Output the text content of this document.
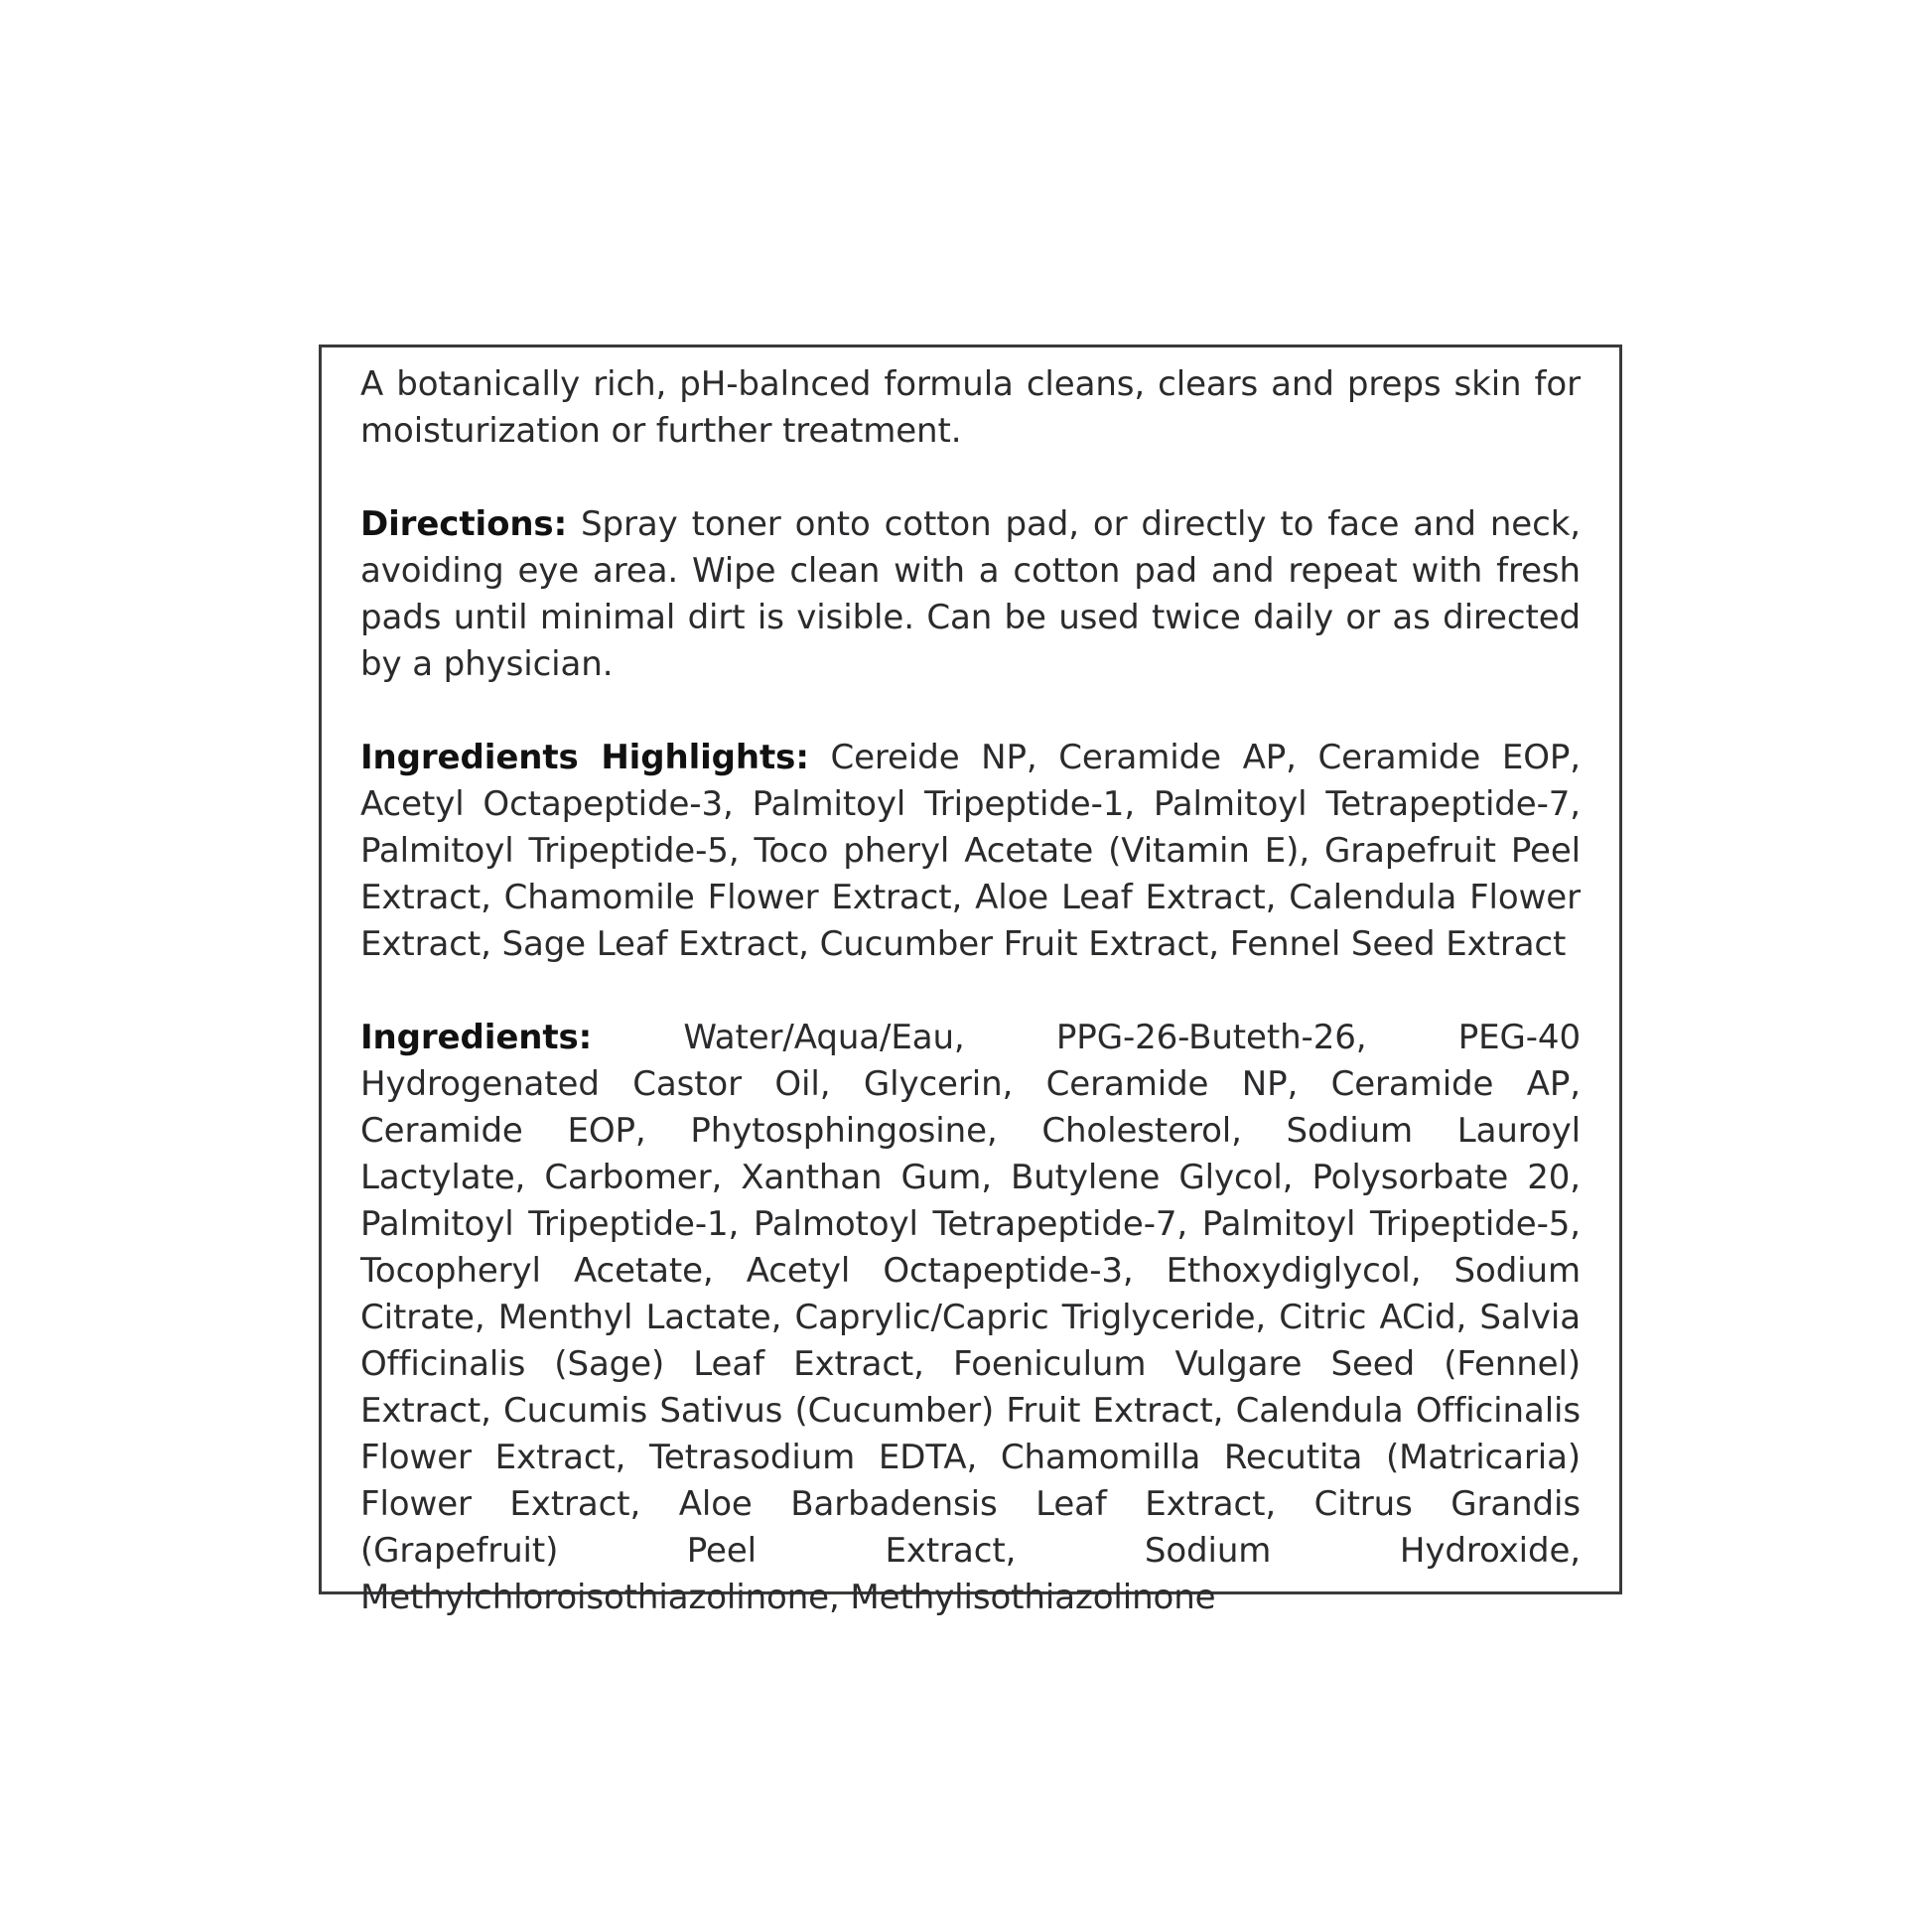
A botanically rich, pH-balnced formula cleans, clears and preps skin for moisturization or further treatment.

Directions: Spray toner onto cotton pad, or directly to face and neck, avoiding eye area. Wipe clean with a cotton pad and repeat with fresh pads until minimal dirt is visible. Can be used twice daily or as directed by a physician.

Ingredients Highlights: Cereide NP, Ceramide AP, Ceramide EOP, Acetyl Octapeptide-3, Palmitoyl Tripeptide-1, Palmitoyl Tetrapeptide-7, Palmitoyl Tripeptide-5, Toco pheryl Acetate (Vitamin E), Grapefruit Peel Extract, Chamomile Flower Extract, Aloe Leaf Extract, Calendula Flower Extract, Sage Leaf Extract, Cucumber Fruit Extract, Fennel Seed Extract

Ingredients: Water/Aqua/Eau, PPG-26-Buteth-26, PEG-40 Hydrogenated Castor Oil, Glycerin, Ceramide NP, Ceramide AP, Ceramide EOP, Phytosphingosine, Cholesterol, Sodium Lauroyl Lactylate, Carbomer, Xanthan Gum, Butylene Glycol, Polysorbate 20, Palmitoyl Tripeptide-1, Palmotoyl Tetrapeptide-7, Palmitoyl Tripeptide-5, Tocopheryl Acetate, Acetyl Octapeptide-3, Ethoxydiglycol, Sodium Citrate, Menthyl Lactate, Caprylic/Capric Triglyceride, Citric ACid, Salvia Officinalis (Sage) Leaf Extract, Foeniculum Vulgare Seed (Fennel) Extract, Cucumis Sativus (Cucumber) Fruit Extract, Calendula Officinalis Flower Extract, Tetrasodium EDTA, Chamomilla Recutita (Matricaria) Flower Extract, Aloe Barbadensis Leaf Extract, Citrus Grandis (Grapefruit) Peel Extract, Sodium Hydroxide, Methylchloroisothiazolinone, Methylisothiazolinone
